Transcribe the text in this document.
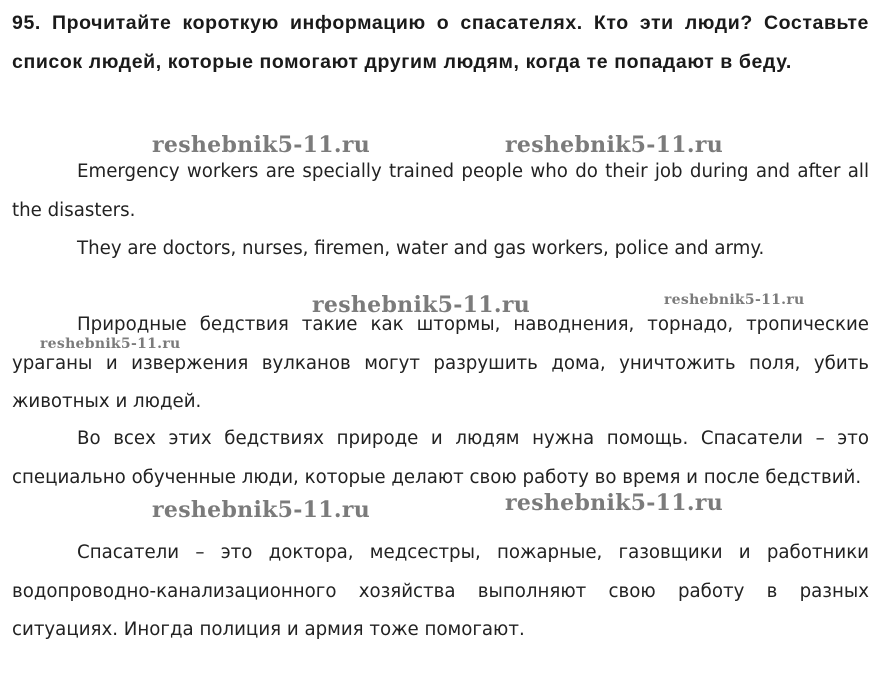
95. Прочитайте короткую информацию о спасателях. Кто эти люди? Составьте список людей, которые помогают другим людям, когда те попадают в беду.
Emergency workers are specially trained people who do their job during and after all the disasters.
They are doctors, nurses, firemen, water and gas workers, police and army.
Природные бедствия такие как штормы, наводнения, торнадо, тропические ураганы и извержения вулканов могут разрушить дома, уничтожить поля, убить животных и людей.
Во всех этих бедствиях природе и людям нужна помощь. Спасатели – это специально обученные люди, которые делают свою работу во время и после бедствий.
Спасатели – это доктора, медсестры, пожарные, газовщики и работники водопроводно-канализационного хозяйства выполняют свою работу в разных ситуациях. Иногда полиция и армия тоже помогают.
reshebnik5-11.ru	reshebnik5-11.ru
reshebnik5-11.ru	reshebnik5-11.ru
reshebnik5-11.ru
reshebnik5-11.ru	reshebnik5-11.ru
